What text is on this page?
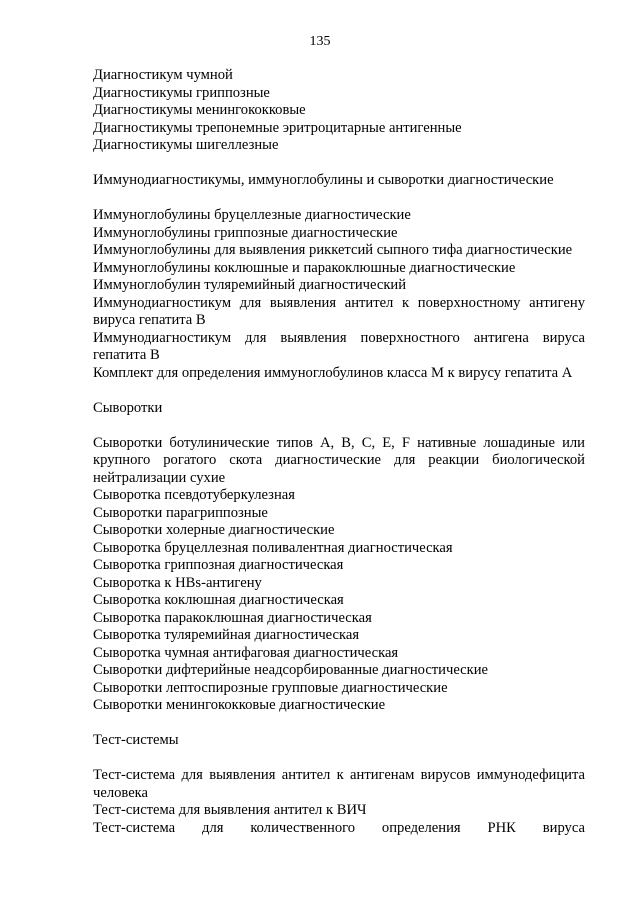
135
Диагностикум чумной
Диагностикумы гриппозные
Диагностикумы менингококковые
Диагностикумы трепонемные эритроцитарные антигенные
Диагностикумы шигеллезные
Иммунодиагностикумы, иммуноглобулины и сыворотки диагностические
Иммуноглобулины бруцеллезные диагностические
Иммуноглобулины гриппозные диагностические
Иммуноглобулины для выявления риккетсий сыпного тифа диагностические
Иммуноглобулины коклюшные и паракоклюшные диагностические
Иммуноглобулин туляремийный диагностический
Иммунодиагностикум для выявления антител к поверхностному антигену вируса гепатита В
Иммунодиагностикум для выявления поверхностного антигена вируса гепатита В
Комплект для определения иммуноглобулинов класса М к вирусу гепатита А
Сыворотки
Сыворотки ботулинические типов А, В, С, Е, F нативные лошадиные или крупного рогатого скота диагностические для реакции биологической нейтрализации сухие
Сыворотка псевдотуберкулезная
Сыворотки парагриппозные
Сыворотки холерные диагностические
Сыворотка бруцеллезная поливалентная диагностическая
Сыворотка гриппозная диагностическая
Сыворотка к НВs-антигену
Сыворотка коклюшная диагностическая
Сыворотка паракоклюшная диагностическая
Сыворотка туляремийная диагностическая
Сыворотка чумная антифаговая диагностическая
Сыворотки дифтерийные неадсорбированные диагностические
Сыворотки лептоспирозные групповые диагностические
Сыворотки менингококковые диагностические
Тест-системы
Тест-система для выявления антител к антигенам вирусов иммунодефицита человека
Тест-система для выявления антител к ВИЧ
Тест-система для количественного определения РНК вируса
